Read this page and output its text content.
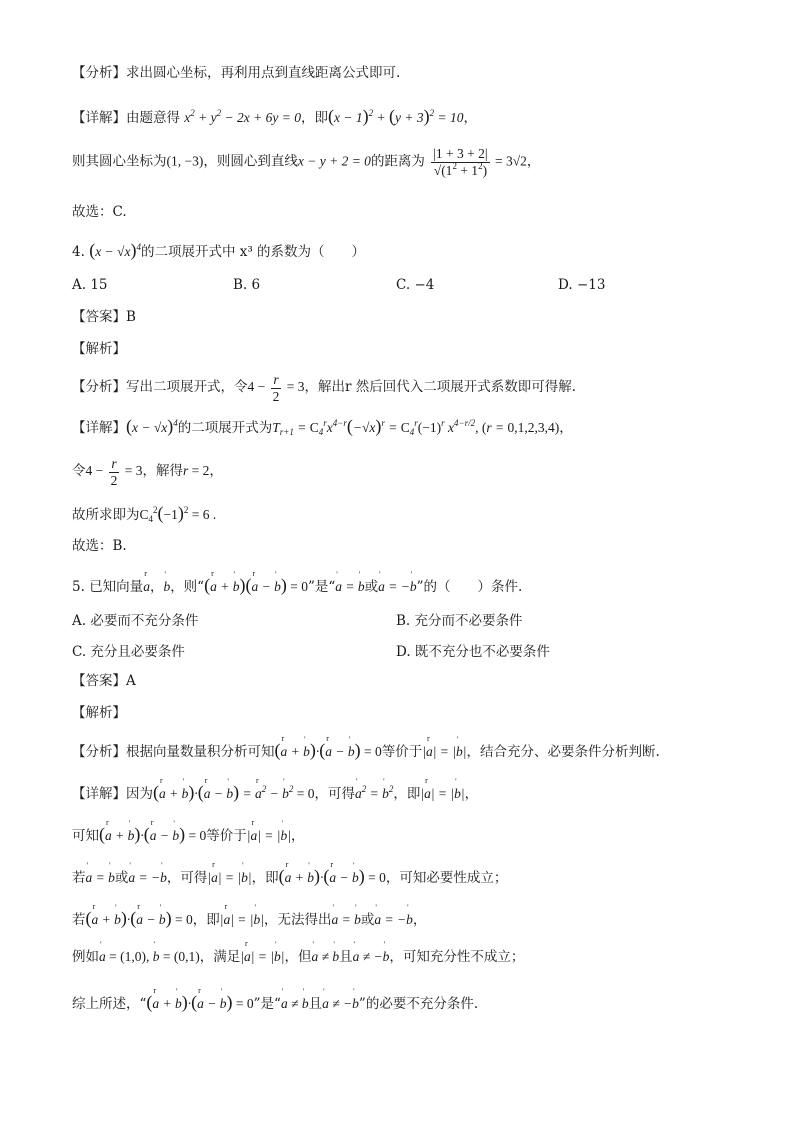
【分析】求出圆心坐标，再利用点到直线距离公式即可.
【详解】由题意得 $x^2 + y^2 - 2x + 6y = 0$，即$(x - 1)^2 + (y + 3)^2 = 10$，
则其圆心坐标为(1, −3)，则圆心到直线x − y + 2 = 0的距离为 $\frac{|1 + 3 + 2|}{√(1^2 + 1^2)} = 3√2$，
故选：C.
4. $(x - √x)^4$的二项展开式中 x³ 的系数为（　　）
A. 15	B. 6	C. −4	D. −13
【答案】B
【解析】
【分析】写出二项展开式，令$4 - \frac{r}{2} = 3$，解出r 然后回代入二项展开式系数即可得解.
【详解】$(x - √x)^4$的二项展开式为$T_{r+1} = C_4^rx^{4-r}(-√x)^r = C_4^r(-1)^r$ $x^{4-r/2}$, (r = 0,1,2,3,4)，
令$4 - \frac{r}{2} = 3$，解得r = 2，
故所求即为$C_4^2(-1)^2 = 6$ .
故选：B.
5. 已知向量r a，' b，则“(r a + ' b)(r a − ' b) = 0”是“' a = ' b或' a = −' b”的（　　）条件.
A. 必要而不充分条件	B. 充分而不必要条件
C. 充分且必要条件	D. 既不充分也不必要条件
【答案】A
【解析】
【分析】根据向量数量积分析可知(r a + ' b)·(r a − ' b) = 0等价于|r a| = |' b|，结合充分、必要条件分析判断.
【详解】因为(r a + ' b)·(r a − ' b) = r $a^2$ − ' $b^2 = 0$，可得' $a^2$ = ' $b^2$，即|r a| = |' b|，
可知(r a + ' b)·(r a − ' b) = 0等价于|r a| = |' b|，
若' a = ' b或' a = −' b，可得|r a| = |' b|，即(r a + ' b)·(r a − ' b) = 0，可知必要性成立；
若(r a + ' b)·(r a − ' b) = 0，即|r a| = |' b|，无法得出' a = ' b或' a = −' b，
例如' a = (1,0), ' b = (0,1)，满足|r a| = |' b|，但' a ≠ ' b且' a ≠ −' b，可知充分性不成立；
综上所述，“(r a + ' b)·(r a − ' b) = 0”是“' a ≠ ' b且' a ≠ −' b”的必要不充分条件.
